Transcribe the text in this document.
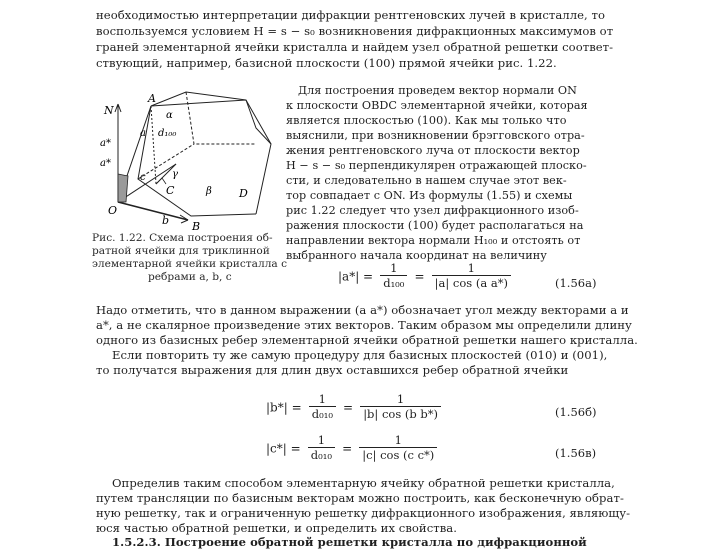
необходимостью интерпретации дифракции рентгеновских лучей в кристалле, то
воспользуемся условием H = s − s₀ возникновения дифракционных максимумов от
граней элементарной ячейки кристалла и найдем узел обратной решетки соответ-
ствующий, например, базисной плоскости (100) прямой ячейки рис. 1.22.
N
A
α
d₁₀₀
a
a*
a*
c	γ
O
C	β D
b B
Рис. 1.22. Схема построения об-
ратной ячейки для триклинной
элементарной ячейки кристалла с
ребрами a, b, c
Для построения проведем вектор нормали ON
к плоскости OBDC элементарной ячейки, которая
является плоскостью (100). Как мы только что
выяснили, при возникновении брэгговского отра-
жения рентгеновского луча от плоскости вектор
H − s − s₀ перпендикулярен отражающей плоско-
сти, и следовательно в нашем случае этот век-
тор совпадает с ON. Из формулы (1.55) и схемы
рис 1.22 следует что узел дифракционного изоб-
ражения плоскости (100) будет располагаться на
направлении вектора нормали H₁₀₀ и отстоять от
выбранного начала координат на величину
$|a*| = \frac{1}{\text{d₁₀₀}} = \frac{1}{\text{|a| cos (a a*)}}$	(1.56a)
Надо отметить, что в данном выражении (a a*) обозначает угол между векторами a и
a*, а не скалярное произведение этих векторов. Таким образом мы определили длину
одного из базисных ребер элементарной ячейки обратной решетки нашего кристалла.
Если повторить ту же самую процедуру для базисных плоскостей (010) и (001),
то получатся выражения для длин двух оставшихся ребер обратной ячейки
$|b*| = \frac{1}{\text{d₀₁₀}} = \frac{1}{\text{|b| cos (b b*)}}$	(1.56б)
$|c*| = \frac{1}{\text{d₀₁₀}} = \frac{1}{\text{|c| cos (c c*)}}$	(1.56в)
Определив таким способом элементарную ячейку обратной решетки кристалла,
путем трансляции по базисным векторам можно построить, как бесконечную обрат-
ную решетку, так и ограниченную решетку дифракционного изображения, являющу-
юся частью обратной решетки, и определить их свойства.
1.5.2.3. Построение обратной решетки кристалла по дифракционной
